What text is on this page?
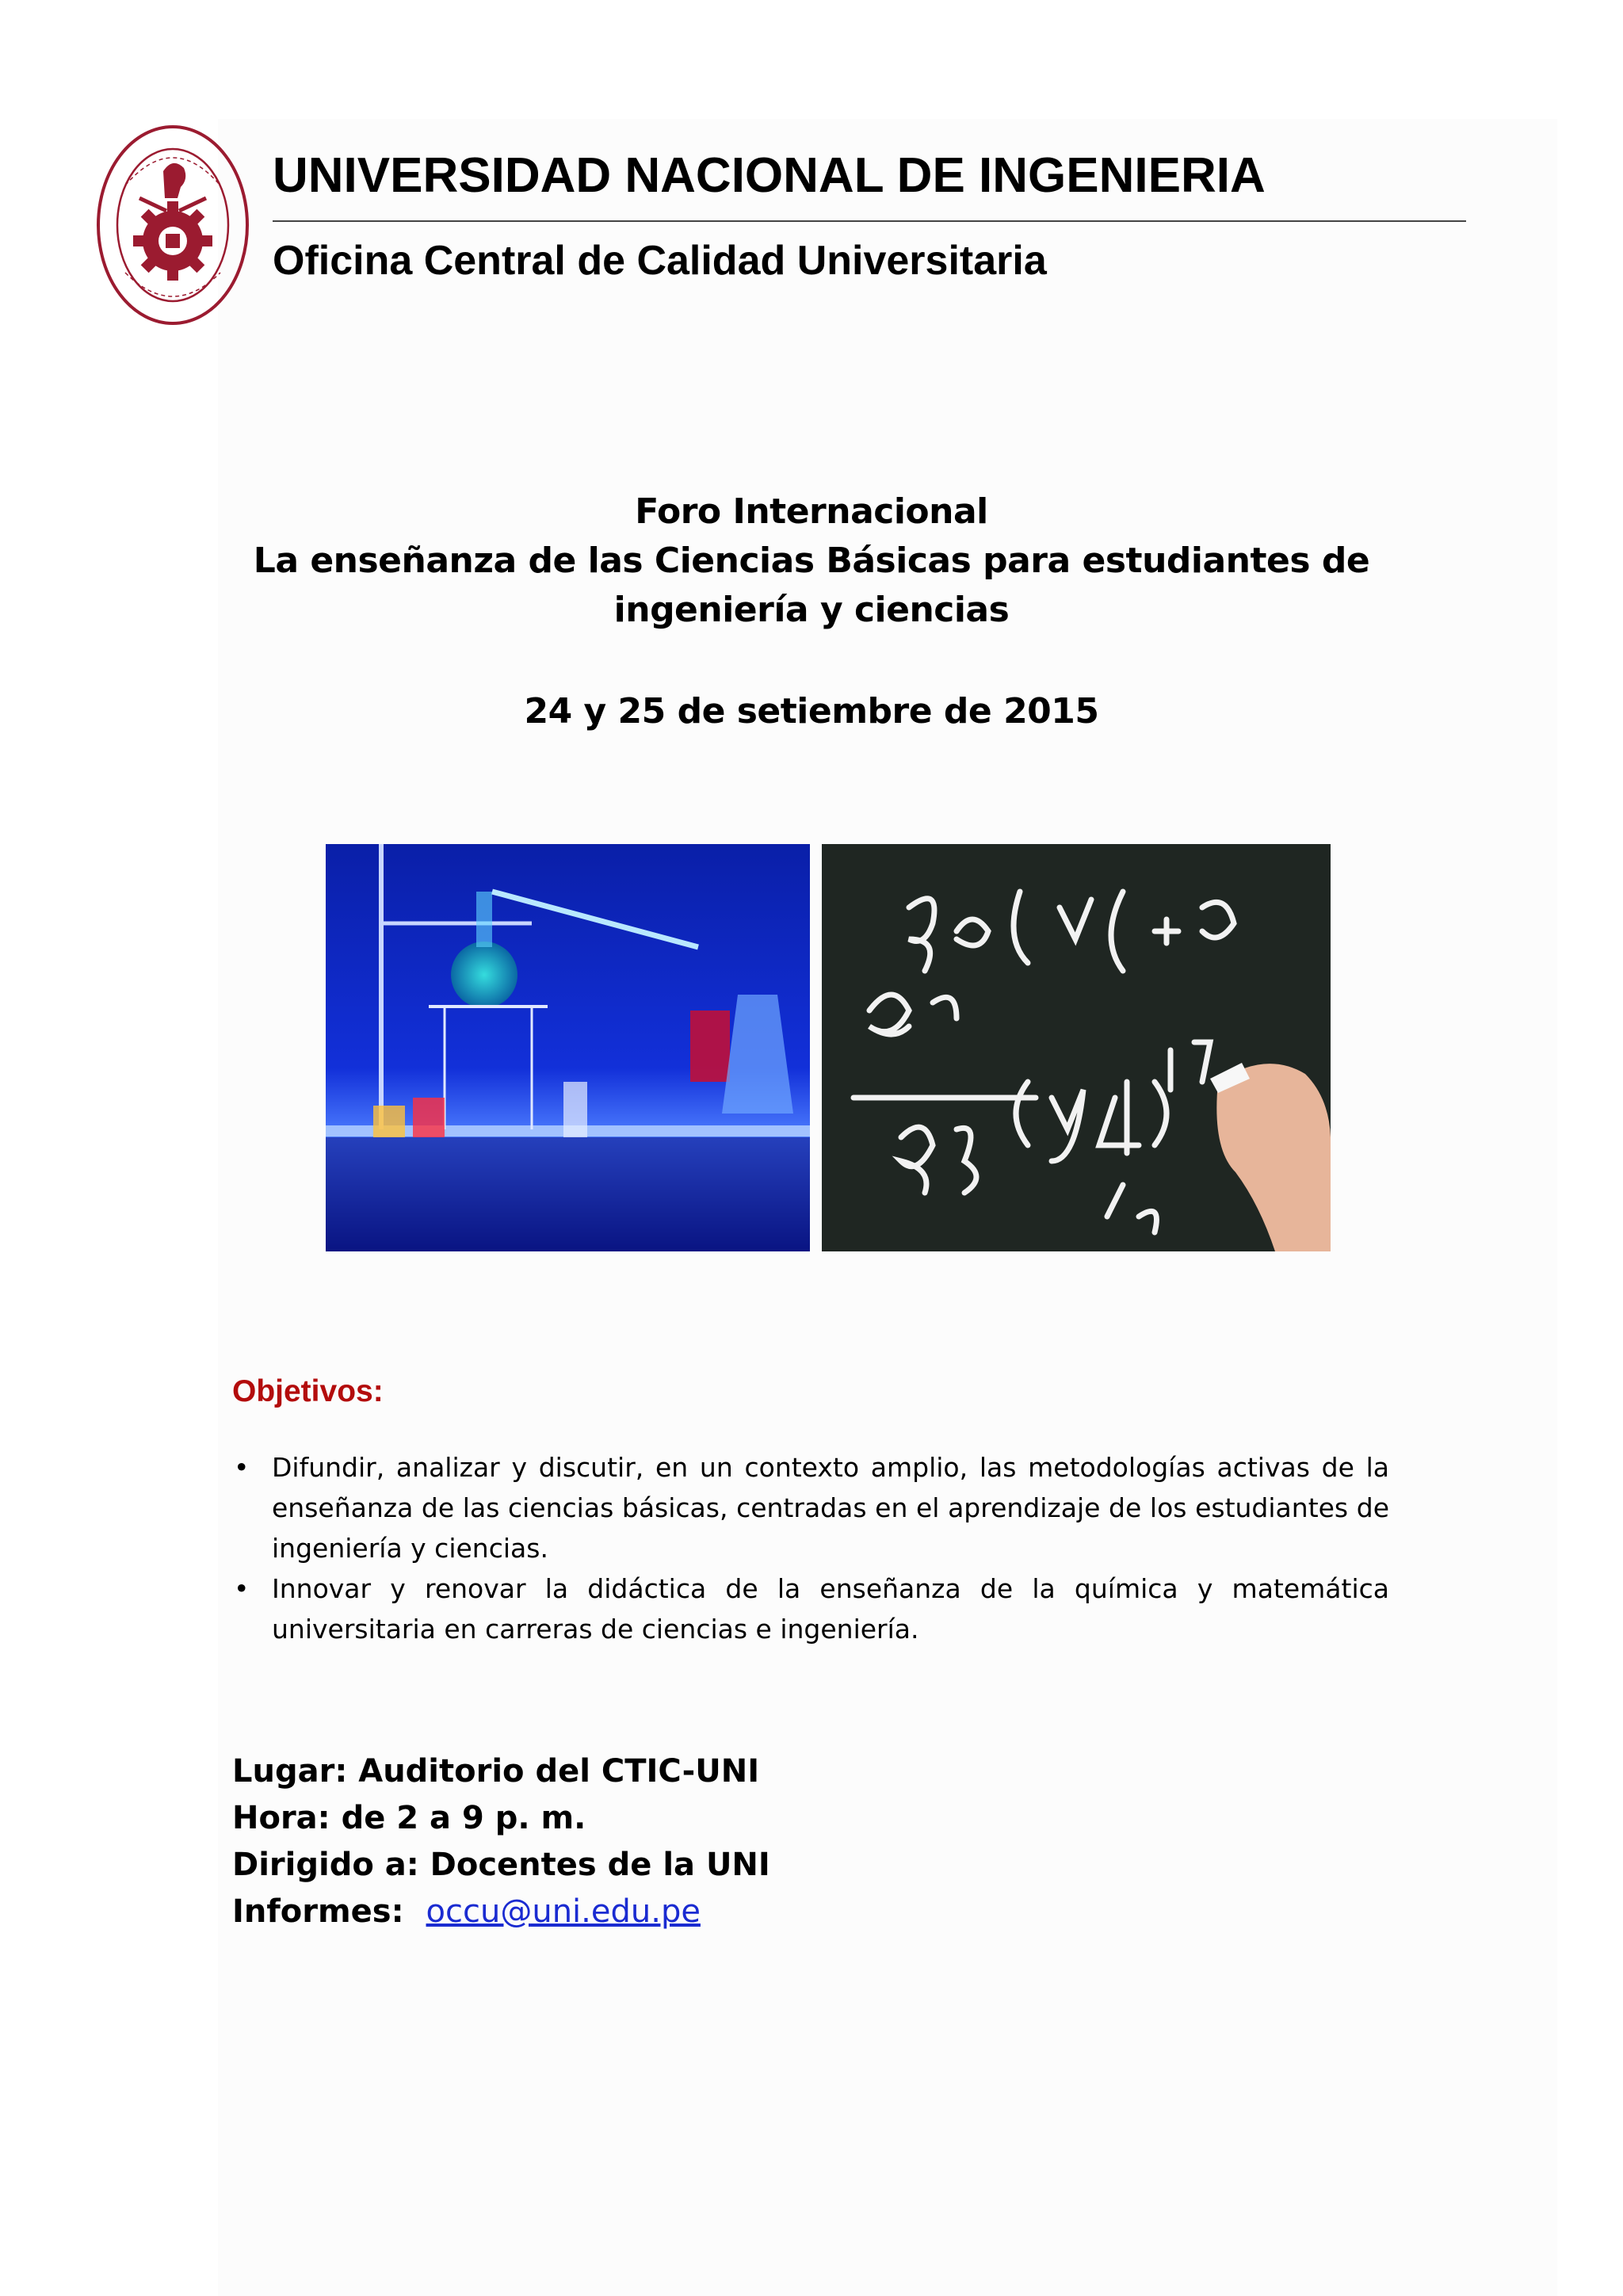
UNIVERSIDAD NACIONAL DE INGENIERIA
Oficina Central de Calidad Universitaria
Foro Internacional
La enseñanza de las Ciencias Básicas para estudiantes de
ingeniería y ciencias
24 y 25 de setiembre de 2015
Objetivos:
• Difundir, analizar y discutir, en un contexto amplio, las metodologías activas de la enseñanza de las ciencias básicas, centradas en el aprendizaje de los estudiantes de ingeniería y ciencias.
• Innovar y renovar la didáctica de la enseñanza de la química y matemática universitaria en carreras de ciencias e ingeniería.
Lugar: Auditorio del CTIC-UNI
Hora: de 2 a 9 p. m.
Dirigido a: Docentes de la UNI
Informes: occu@uni.edu.pe
